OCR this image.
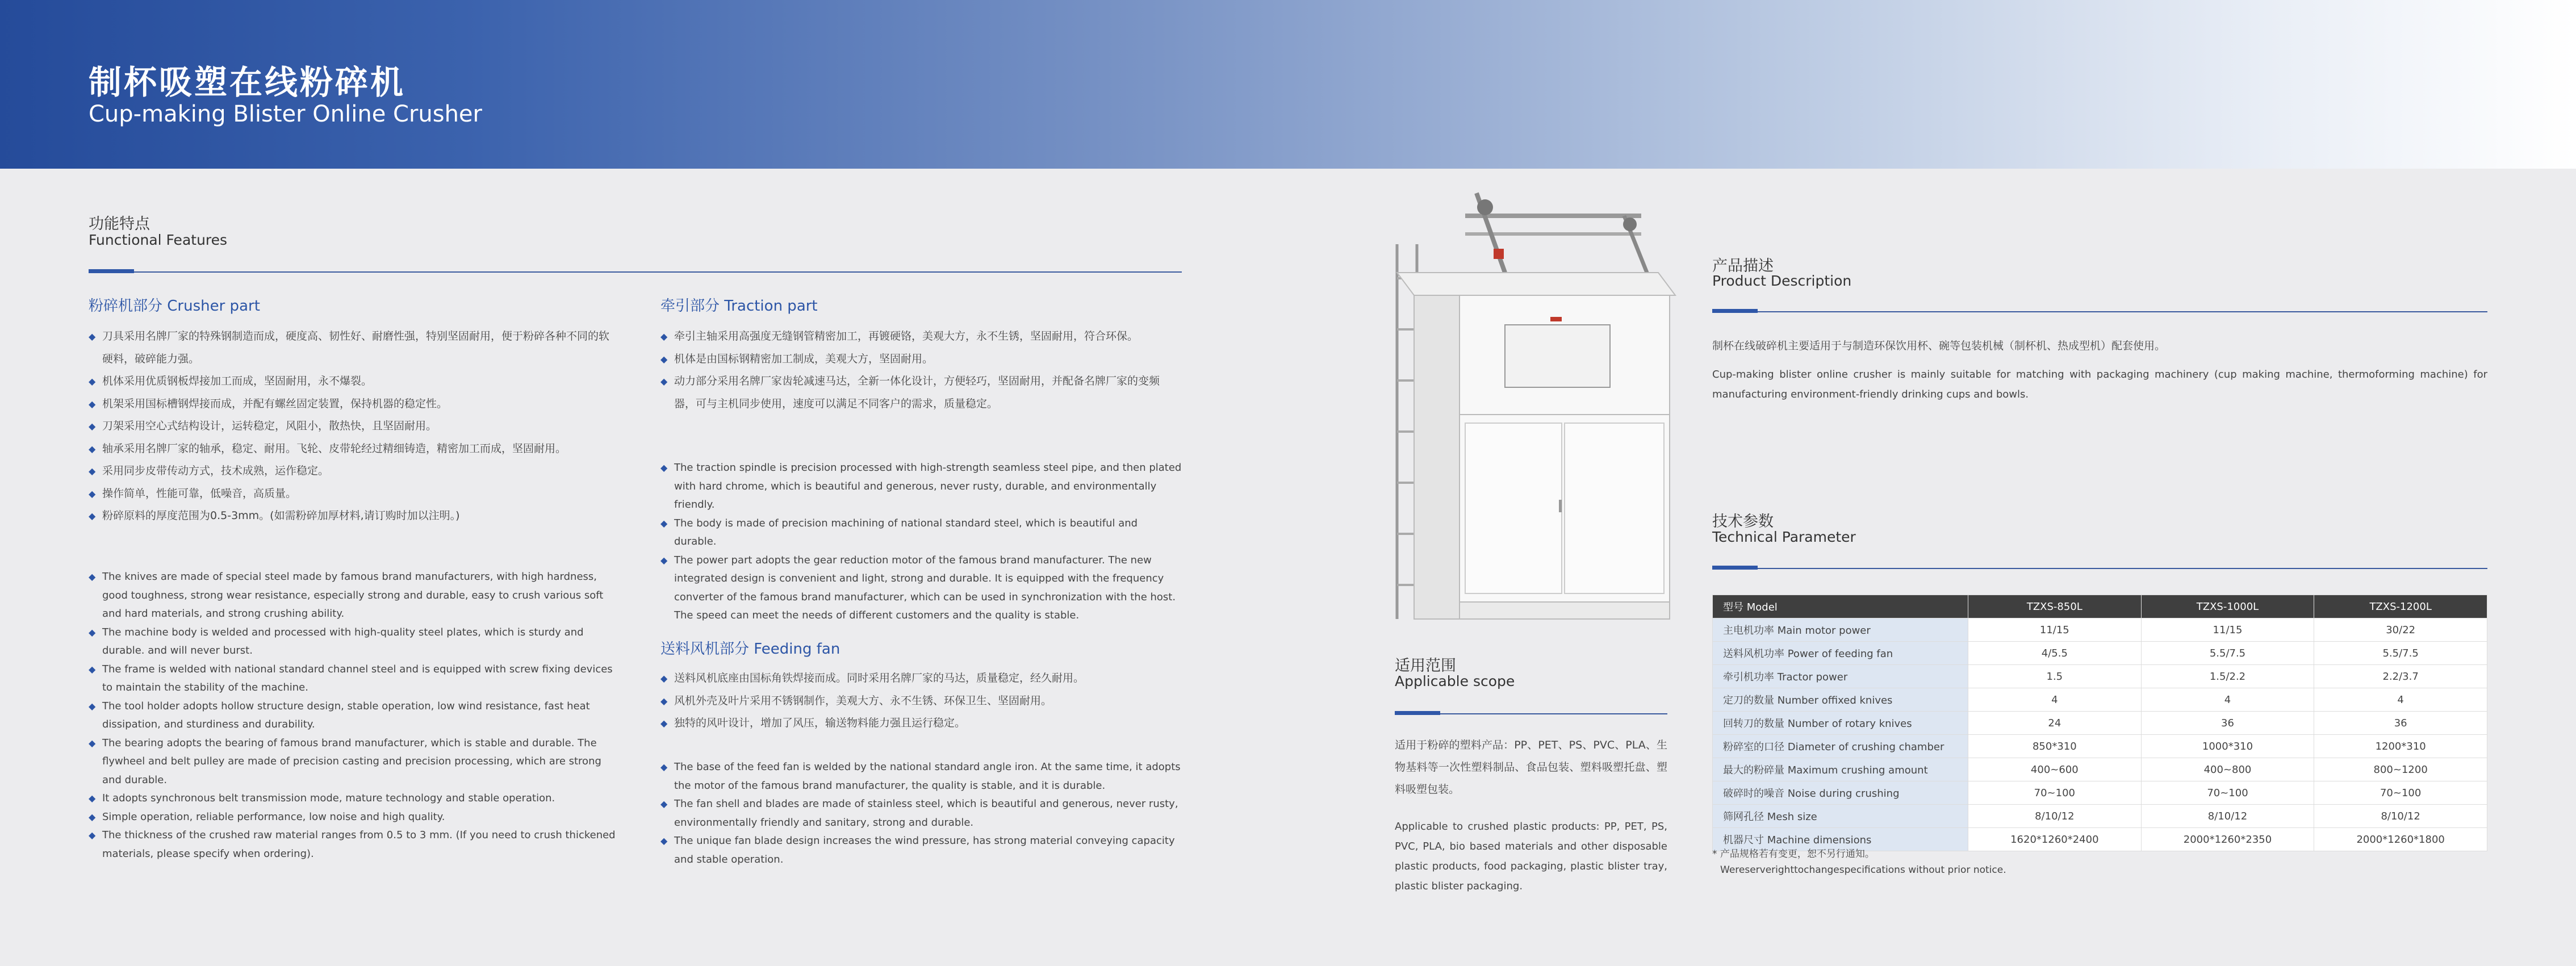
制杯吸塑在线粉碎机
Cup-making Blister Online Crusher
功能特点
Functional Features
粉碎机部分 Crusher part
◆ 刀具采用名牌厂家的特殊钢制造而成，硬度高、韧性好、耐磨性强，特别坚固耐用，便于粉碎各种不同的软硬料，破碎能力强。
◆ 机体采用优质钢板焊接加工而成，坚固耐用，永不爆裂。
◆ 机架采用国标槽钢焊接而成，并配有螺丝固定装置，保持机器的稳定性。
◆ 刀架采用空心式结构设计，运转稳定，风阻小，散热快，且坚固耐用。
◆ 轴承采用名牌厂家的轴承，稳定、耐用。飞轮、皮带轮经过精细铸造，精密加工而成，坚固耐用。
◆ 采用同步皮带传动方式，技术成熟，运作稳定。
◆ 操作简单，性能可靠，低噪音，高质量。
◆ 粉碎原料的厚度范围为0.5-3mm。(如需粉碎加厚材料,请订购时加以注明。)
◆ The knives are made of special steel made by famous brand manufacturers, with high hardness, good toughness, strong wear resistance, especially strong and durable, easy to crush various soft and hard materials, and strong crushing ability.
◆ The machine body is welded and processed with high-quality steel plates, which is sturdy and durable. and will never burst.
◆ The frame is welded with national standard channel steel and is equipped with screw fixing devices to maintain the stability of the machine.
◆ The tool holder adopts hollow structure design, stable operation, low wind resistance, fast heat dissipation, and sturdiness and durability.
◆ The bearing adopts the bearing of famous brand manufacturer, which is stable and durable. The flywheel and belt pulley are made of precision casting and precision processing, which are strong and durable.
◆ It adopts synchronous belt transmission mode, mature technology and stable operation.
◆ Simple operation, reliable performance, low noise and high quality.
◆ The thickness of the crushed raw material ranges from 0.5 to 3 mm. (If you need to crush thickened materials, please specify when ordering).
牵引部分 Traction part
◆ 牵引主轴采用高强度无缝钢管精密加工，再镀硬铬，美观大方，永不生锈，坚固耐用，符合环保。
◆ 机体是由国标钢精密加工制成，美观大方，坚固耐用。
◆ 动力部分采用名牌厂家齿轮减速马达，全新一体化设计，方便轻巧，坚固耐用，并配备名牌厂家的变频器，可与主机同步使用，速度可以满足不同客户的需求，质量稳定。
◆ The traction spindle is precision processed with high-strength seamless steel pipe, and then plated with hard chrome, which is beautiful and generous, never rusty, durable, and environmentally friendly.
◆ The body is made of precision machining of national standard steel, which is beautiful and durable.
◆ The power part adopts the gear reduction motor of the famous brand manufacturer. The new integrated design is convenient and light, strong and durable. It is equipped with the frequency converter of the famous brand manufacturer, which can be used in synchronization with the host. The speed can meet the needs of different customers and the quality is stable.
送料风机部分 Feeding fan
◆ 送料风机底座由国标角铁焊接而成。同时采用名牌厂家的马达，质量稳定，经久耐用。
◆ 风机外壳及叶片采用不锈钢制作，美观大方、永不生锈、环保卫生、坚固耐用。
◆ 独特的风叶设计，增加了风压，输送物料能力强且运行稳定。
◆ The base of the feed fan is welded by the national standard angle iron. At the same time, it adopts the motor of the famous brand manufacturer, the quality is stable, and it is durable.
◆ The fan shell and blades are made of stainless steel, which is beautiful and generous, never rusty, environmentally friendly and sanitary, strong and durable.
◆ The unique fan blade design increases the wind pressure, has strong material conveying capacity and stable operation.
适用范围
Applicable scope

适用于粉碎的塑料产品：PP、PET、PS、PVC、PLA、生物基料等一次性塑料制品、食品包装、塑料吸塑托盘、塑料吸塑包装。

Applicable to crushed plastic products: PP, PET, PS, PVC, PLA, bio based materials and other disposable plastic products, food packaging, plastic blister tray, plastic blister packaging.

产品描述
Product Description

制杯在线破碎机主要适用于与制造环保饮用杯、碗等包装机械（制杯机、热成型机）配套使用。

Cup-making blister online crusher is mainly suitable for matching with packaging machinery (cup making machine, thermoforming machine) for manufacturing environment-friendly drinking cups and bowls.

技术参数
Technical Parameter
型号 Model	TZXS-850L	TZXS-1000L	TZXS-1200L
主电机功率 Main motor power	11/15	11/15	30/22
送料风机功率 Power of feeding fan	4/5.5	5.5/7.5	5.5/7.5
牵引机功率 Tractor power	1.5	1.5/2.2	2.2/3.7
定刀的数量 Number offixed knives	4	4	4
回转刀的数量 Number of rotary knives	24	36	36
粉碎室的口径 Diameter of crushing chamber	850*310	1000*310	1200*310
最大的粉碎量 Maximum crushing amount	400~600	400~800	800~1200
破碎时的噪音 Noise during crushing	70~100	70~100	70~100
筛网孔径 Mesh size	8/10/12	8/10/12	8/10/12
机器尺寸 Machine dimensions	1620*1260*2400	2000*1260*2350	2000*1260*1800
* 产品规格若有变更，恕不另行通知。
Wereserverighttochangespecifications without prior notice.
